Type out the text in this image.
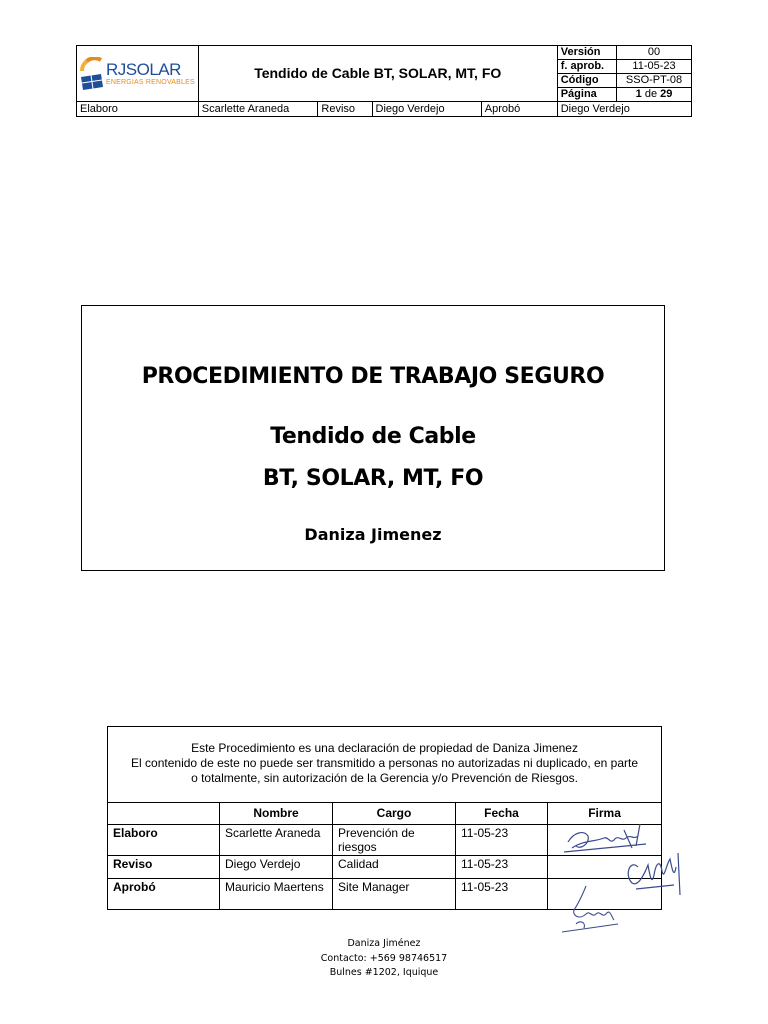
RJSOLAR
ENERGIAS RENOVABLES	Tendido de Cable BT, SOLAR, MT, FO				Versión	00
					f. aprob.	11-05-23
					Código	SSO-PT-08
					Página	1 de 29
Elaboro	Scarlette Araneda	Reviso	Diego Verdejo	Aprobó	Diego Verdejo	
PROCEDIMIENTO DE TRABAJO SEGURO
Tendido de Cable
BT, SOLAR, MT, FO
Daniza Jimenez
Este Procedimiento es una declaración de propiedad de Daniza Jimenez
El contenido de este no puede ser transmitido a personas no autorizadas ni duplicado, en parte
o totalmente, sin autorización de la Gerencia y/o Prevención de Riesgos.				

	Nombre	Cargo	Fecha	Firma
Elaboro	Scarlette Araneda	Prevención de riesgos	11-05-23	
Reviso	Diego Verdejo	Calidad	11-05-23	
Aprobó	Mauricio Maertens	Site Manager	11-05-23	
Daniza Jiménez
Contacto: +569 98746517
Bulnes #1202, Iquique
